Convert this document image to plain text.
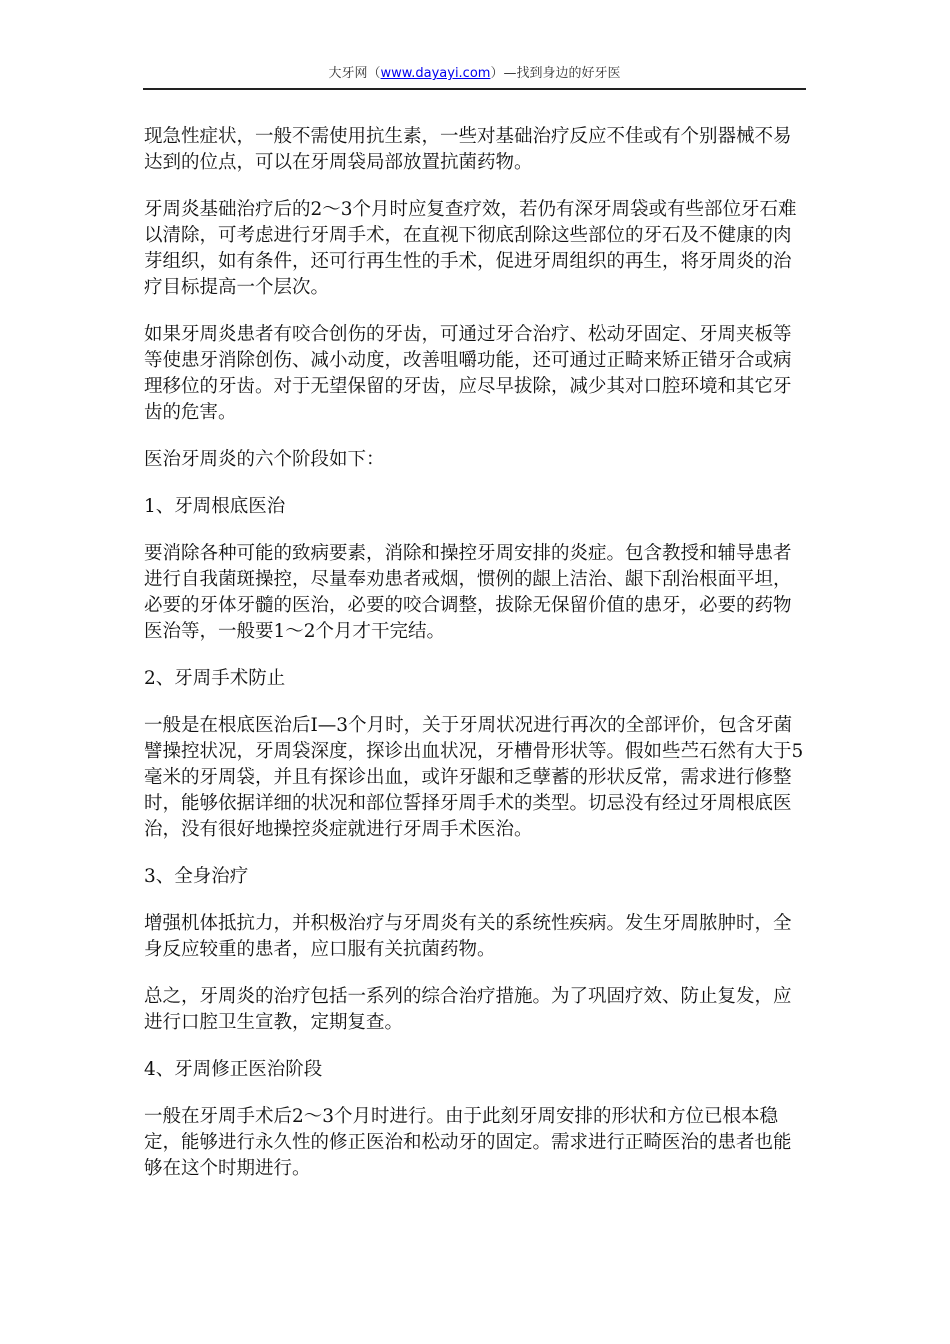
大牙网（www.dayayi.com）—找到身边的好牙医

现急性症状，一般不需使用抗生素，一些对基础治疗反应不佳或有个别器械不易达到的位点，可以在牙周袋局部放置抗菌药物。

牙周炎基础治疗后的2～3个月时应复查疗效，若仍有深牙周袋或有些部位牙石难以清除，可考虑进行牙周手术，在直视下彻底刮除这些部位的牙石及不健康的肉芽组织，如有条件，还可行再生性的手术，促进牙周组织的再生，将牙周炎的治疗目标提高一个层次。

如果牙周炎患者有咬合创伤的牙齿，可通过牙合治疗、松动牙固定、牙周夹板等等使患牙消除创伤、减小动度，改善咀嚼功能，还可通过正畸来矫正错牙合或病理移位的牙齿。对于无望保留的牙齿，应尽早拔除，减少其对口腔环境和其它牙齿的危害。

医治牙周炎的六个阶段如下：

1、牙周根底医治

要消除各种可能的致病要素，消除和操控牙周安排的炎症。包含教授和辅导患者进行自我菌斑操控，尽量奉劝患者戒烟，惯例的龈上洁治、龈下刮治根面平坦，必要的牙体牙髓的医治，必要的咬合调整，拔除无保留价值的患牙，必要的药物医治等，一般要1～2个月才干完结。

2、牙周手术防止

一般是在根底医治后I—3个月时，关于牙周状况进行再次的全部评价，包含牙菌譬操控状况，牙周袋深度，探诊出血状况，牙槽骨形状等。假如些苎石然有大于5毫米的牙周袋，并且有探诊出血，或许牙龈和乏孽蓄的形状反常，需求进行修整时，能够依据详细的状况和部位誓择牙周手术的类型。切忌没有经过牙周根底医治，没有很好地操控炎症就进行牙周手术医治。

3、全身治疗

增强机体抵抗力，并积极治疗与牙周炎有关的系统性疾病。发生牙周脓肿时，全身反应较重的患者，应口服有关抗菌药物。

总之，牙周炎的治疗包括一系列的综合治疗措施。为了巩固疗效、防止复发，应进行口腔卫生宣教，定期复查。

4、牙周修正医治阶段

一般在牙周手术后2～3个月时进行。由于此刻牙周安排的形状和方位已根本稳定，能够进行永久性的修正医治和松动牙的固定。需求进行正畸医治的患者也能够在这个时期进行。
